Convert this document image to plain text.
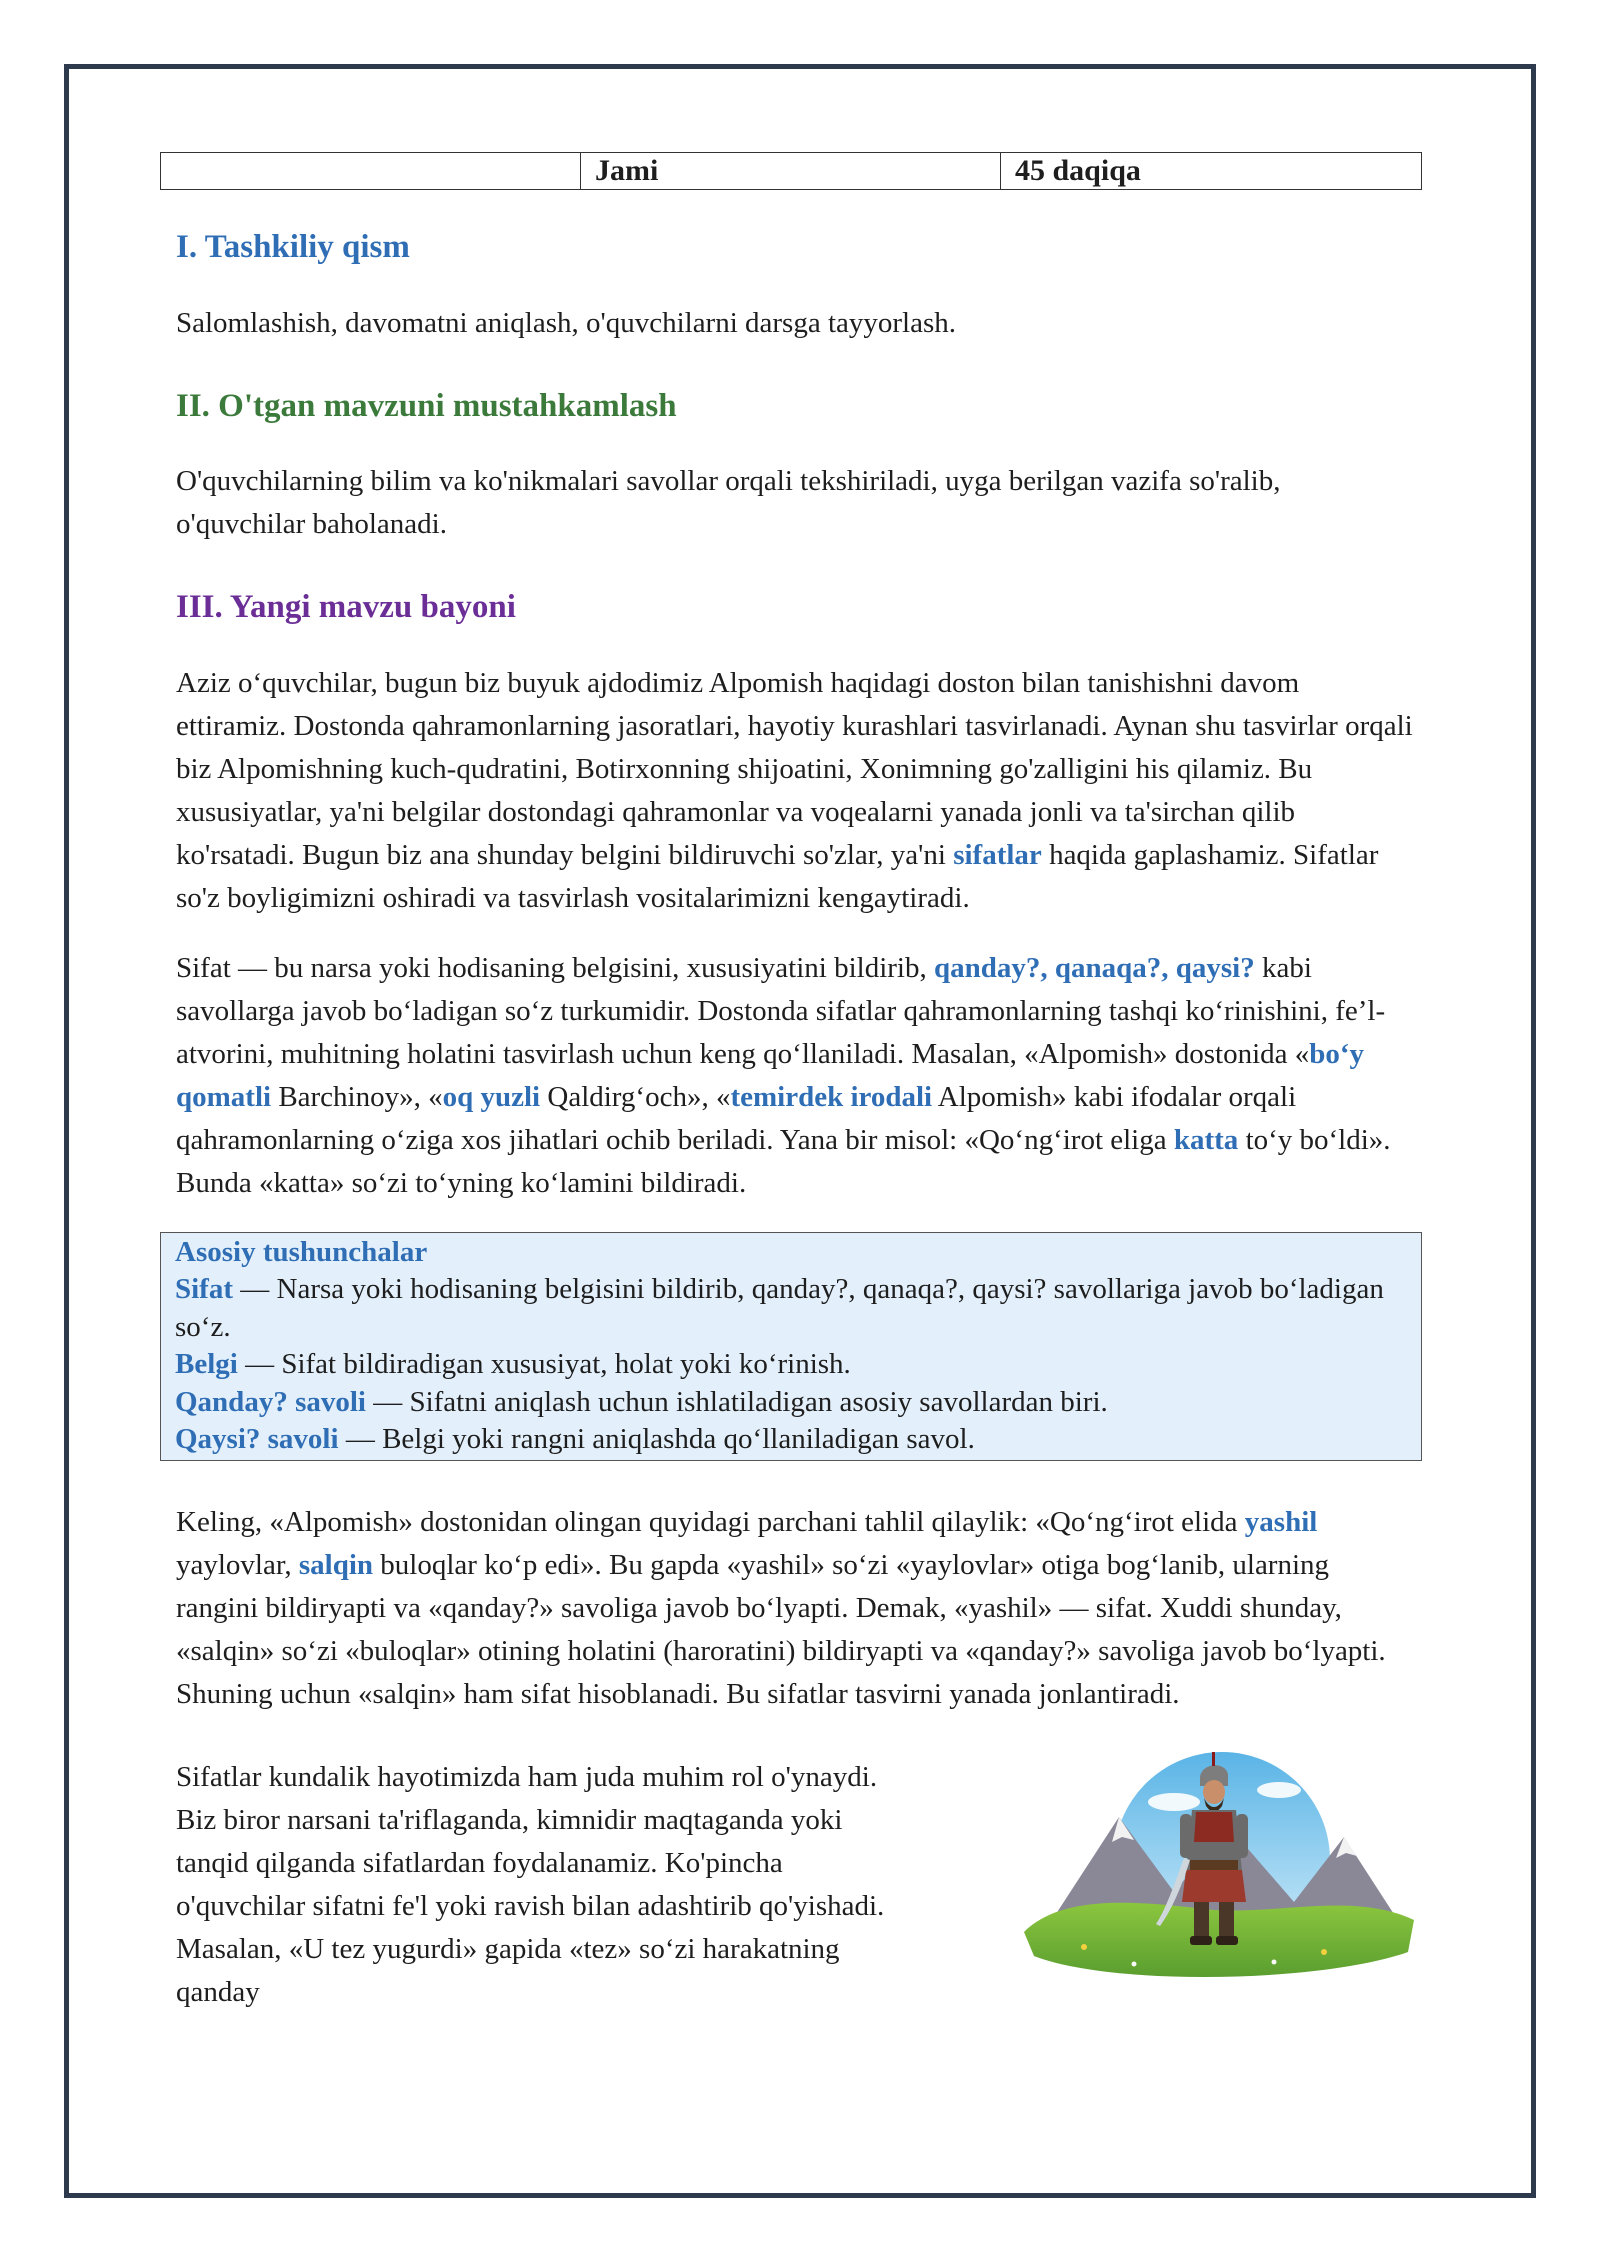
	Jami	45 daqiqa
I. Tashkiliy qism

Salomlashish, davomatni aniqlash, o'quvchilarni darsga tayyorlash.

II. O'tgan mavzuni mustahkamlash

O'quvchilarning bilim va ko'nikmalari savollar orqali tekshiriladi, uyga berilgan vazifa so'ralib, o'quvchilar baholanadi.

III. Yangi mavzu bayoni

Aziz o‘quvchilar, bugun biz buyuk ajdodimiz Alpomish haqidagi doston bilan tanishishni davom ettiramiz. Dostonda qahramonlarning jasoratlari, hayotiy kurashlari tasvirlanadi. Aynan shu tasvirlar orqali biz Alpomishning kuch-qudratini, Botirxonning shijoatini, Xonimning go'zalligini his qilamiz. Bu xususiyatlar, ya'ni belgilar dostondagi qahramonlar va voqealarni yanada jonli va ta'sirchan qilib ko'rsatadi. Bugun biz ana shunday belgini bildiruvchi so'zlar, ya'ni sifatlar haqida gaplashamiz. Sifatlar so'z boyligimizni oshiradi va tasvirlash vositalarimizni kengaytiradi.

Sifat — bu narsa yoki hodisaning belgisini, xususiyatini bildirib, qanday?, qanaqa?, qaysi? kabi savollarga javob bo‘ladigan so‘z turkumidir. Dostonda sifatlar qahramonlarning tashqi ko‘rinishini, fe’l-atvorini, muhitning holatini tasvirlash uchun keng qo‘llaniladi. Masalan, «Alpomish» dostonida «bo‘y qomatli Barchinoy», «oq yuzli Qaldirg‘och», «temirdek irodali Alpomish» kabi ifodalar orqali qahramonlarning o‘ziga xos jihatlari ochib beriladi. Yana bir misol: «Qo‘ng‘irot eliga katta to‘y bo‘ldi». Bunda «katta» so‘zi to‘yning ko‘lamini bildiradi.

Asosiy tushunchalar
Sifat — Narsa yoki hodisaning belgisini bildirib, qanday?, qanaqa?, qaysi? savollariga javob bo‘ladigan so‘z.
Belgi — Sifat bildiradigan xususiyat, holat yoki ko‘rinish.
Qanday? savoli — Sifatni aniqlash uchun ishlatiladigan asosiy savollardan biri.
Qaysi? savoli — Belgi yoki rangni aniqlashda qo‘llaniladigan savol.

Keling, «Alpomish» dostonidan olingan quyidagi parchani tahlil qilaylik: «Qo‘ng‘irot elida yashil yaylovlar, salqin buloqlar ko‘p edi». Bu gapda «yashil» so‘zi «yaylovlar» otiga bog‘lanib, ularning rangini bildiryapti va «qanday?» savoliga javob bo‘lyapti. Demak, «yashil» — sifat. Xuddi shunday, «salqin» so‘zi «buloqlar» otining holatini (haroratini) bildiryapti va «qanday?» savoliga javob bo‘lyapti. Shuning uchun «salqin» ham sifat hisoblanadi. Bu sifatlar tasvirni yanada jonlantiradi.

Sifatlar kundalik hayotimizda ham juda muhim rol o'ynaydi. Biz biror narsani ta'riflaganda, kimnidir maqtaganda yoki tanqid qilganda sifatlardan foydalanamiz. Ko'pincha o'quvchilar sifatni fe'l yoki ravish bilan adashtirib qo'yishadi. Masalan, «U tez yugurdi» gapida «tez» so‘zi harakatning qanday
